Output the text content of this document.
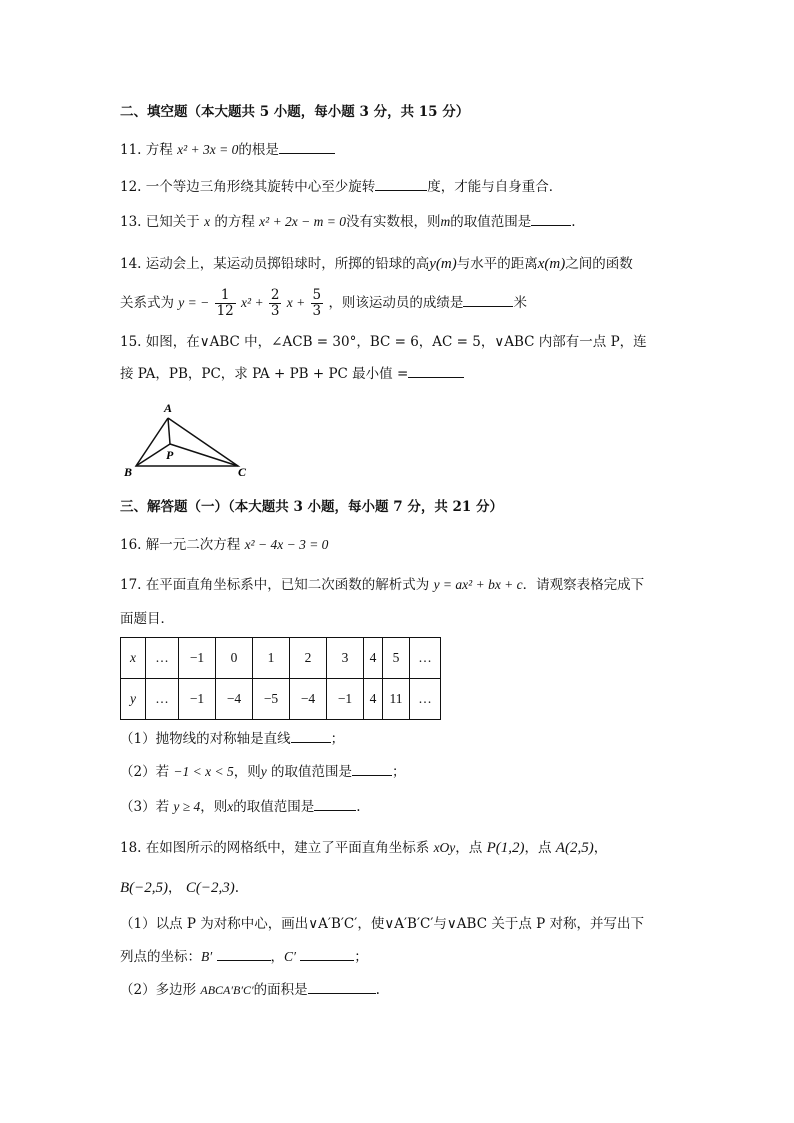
二、填空题（本大题共 5 小题，每小题 3 分，共 15 分）
11. 方程 x² + 3x = 0的根是
12. 一个等边三角形绕其旋转中心至少旋转	度，才能与自身重合．
13. 已知关于 x 的方程 x² + 2x − m = 0没有实数根，则m的取值范围是	.
14. 运动会上，某运动员掷铅球时，所掷的铅球的高y(m)与水平的距离x(m)之间的函数
关系式为 y = − $\frac{1}{12} x^2 + \frac{2}{3}$ $x + \frac{5}{3}$ ，则该运动员的成绩是	米
15. 如图，在∨ABC 中，∠ACB = 30°，BC = 6，AC = 5，∨ABC 内部有一点 P，连
接 PA，PB，PC，求 PA + PB + PC 最小值 =
A
B	C
P
三、解答题（一）（本大题共 3 小题，每小题 7 分，共 21 分）
16. 解一元二次方程 x² − 4x − 3 = 0
17. 在平面直角坐标系中，已知二次函数的解析式为 y = ax² + bx + c．请观察表格完成下
面题目．
x	…	−1	0	1	2	3	4	5	…
y	…	−1	−4	−5	−4	−1	4	11	…
（1）抛物线的对称轴是直线	；
（2）若 −1 < x < 5，则y 的取值范围是	；
（3）若 y ≥ 4，则x的取值范围是	.
18. 在如图所示的网格纸中，建立了平面直角坐标系 xOy，点 P(1,2)，点 A(2,5)，
B(−2,5)， C(−2,3).
（1）以点 P 为对称中心，画出∨A′B′C′，使∨A′B′C′与∨ABC 关于点 P 对称，并写出下
列点的坐标：B′	，C′	；
（2）多边形 ABCA′B′C′的面积是	.
